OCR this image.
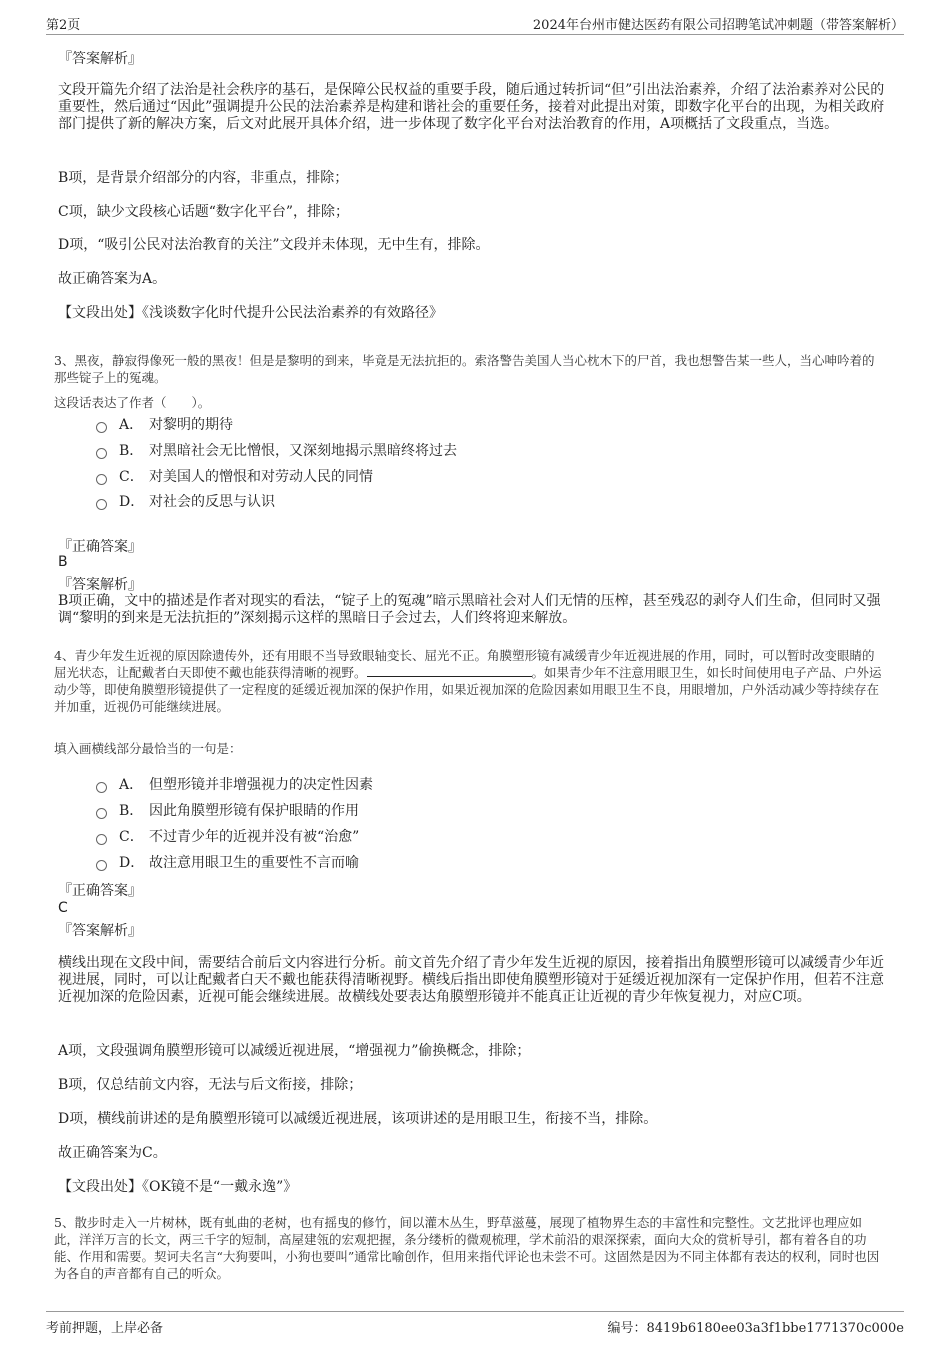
第2页	2024年台州市健达医药有限公司招聘笔试冲刺题（带答案解析）
『答案解析』
文段开篇先介绍了法治是社会秩序的基石，是保障公民权益的重要手段，随后通过转折词“但”引出法治素养，介绍了法治素养对公民的重要性，然后通过“因此”强调提升公民的法治素养是构建和谐社会的重要任务，接着对此提出对策，即数字化平台的出现，为相关政府部门提供了新的解决方案，后文对此展开具体介绍，进一步体现了数字化平台对法治教育的作用，A项概括了文段重点，当选。
B项，是背景介绍部分的内容，非重点，排除；
C项，缺少文段核心话题“数字化平台”，排除；
D项，“吸引公民对法治教育的关注”文段并未体现，无中生有，排除。
故正确答案为A。
【文段出处】《浅谈数字化时代提升公民法治素养的有效路径》
3、黑夜，静寂得像死一般的黑夜！但是是黎明的到来，毕竟是无法抗拒的。索洛警告美国人当心枕木下的尸首，我也想警告某一些人，当心呻吟着的那些锭子上的冤魂。
这段话表达了作者（　　）。
A． 对黎明的期待
B． 对黑暗社会无比憎恨，又深刻地揭示黑暗终将过去
C． 对美国人的憎恨和对劳动人民的同情
D． 对社会的反思与认识
『正确答案』
B
『答案解析』
B项正确，文中的描述是作者对现实的看法，“锭子上的冤魂”暗示黑暗社会对人们无情的压榨，甚至残忍的剥夺人们生命，但同时又强调“黎明的到来是无法抗拒的”深刻揭示这样的黑暗日子会过去，人们终将迎来解放。
4、青少年发生近视的原因除遗传外，还有用眼不当导致眼轴变长、屈光不正。角膜塑形镜有减缓青少年近视进展的作用，同时，可以暂时改变眼睛的屈光状态，让配戴者白天即使不戴也能获得清晰的视野。	。如果青少年不注意用眼卫生，如长时间使用电子产品、户外运动少等，即使角膜塑形镜提供了一定程度的延缓近视加深的保护作用，如果近视加深的危险因素如用眼卫生不良，用眼增加，户外活动减少等持续存在并加重，近视仍可能继续进展。
填入画横线部分最恰当的一句是：
A． 但塑形镜并非增强视力的决定性因素
B． 因此角膜塑形镜有保护眼睛的作用
C． 不过青少年的近视并没有被“治愈”
D． 故注意用眼卫生的重要性不言而喻
『正确答案』
C
『答案解析』
横线出现在文段中间，需要结合前后文内容进行分析。前文首先介绍了青少年发生近视的原因，接着指出角膜塑形镜可以减缓青少年近视进展，同时，可以让配戴者白天不戴也能获得清晰视野。横线后指出即使角膜塑形镜对于延缓近视加深有一定保护作用，但若不注意近视加深的危险因素，近视可能会继续进展。故横线处要表达角膜塑形镜并不能真正让近视的青少年恢复视力，对应C项。
A项，文段强调角膜塑形镜可以减缓近视进展，“增强视力”偷换概念，排除；
B项，仅总结前文内容，无法与后文衔接，排除；
D项，横线前讲述的是角膜塑形镜可以减缓近视进展，该项讲述的是用眼卫生，衔接不当，排除。
故正确答案为C。
【文段出处】《OK镜不是“一戴永逸”》
5、散步时走入一片树林，既有虬曲的老树，也有摇曳的修竹，间以灌木丛生，野草滋蔓，展现了植物界生态的丰富性和完整性。文艺批评也理应如此，洋洋万言的长文，两三千字的短制，高屋建瓴的宏观把握，条分缕析的微观梳理，学术前沿的艰深探索，面向大众的赏析导引，都有着各自的功能、作用和需要。契诃夫名言“大狗要叫，小狗也要叫”通常比喻创作，但用来指代评论也未尝不可。这固然是因为不同主体都有表达的权利，同时也因为各自的声音都有自己的听众。
考前押题，上岸必备	编号：8419b6180ee03a3f1bbe1771370c000e
